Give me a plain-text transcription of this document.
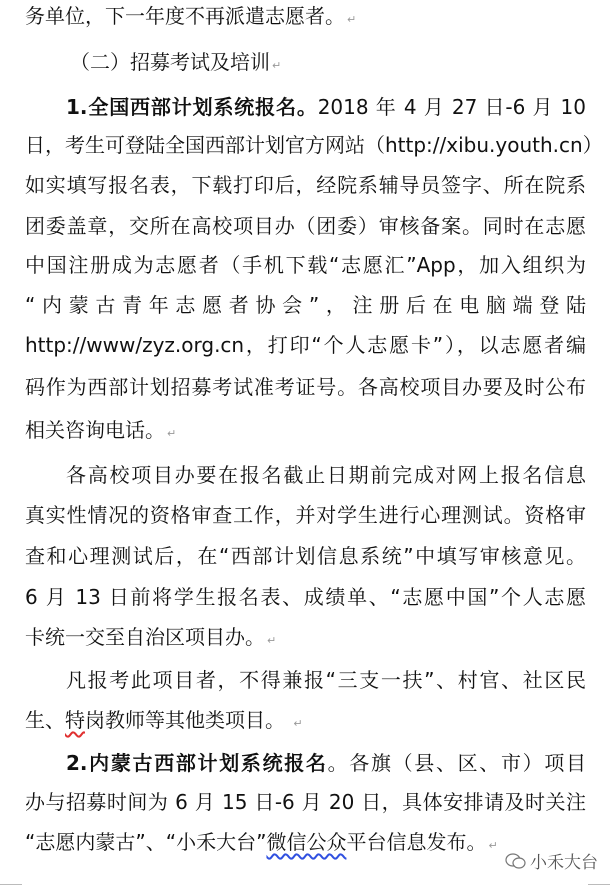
务单位，下一年度不再派遣志愿者。 ↵
（二）招募考试及培训 ↵
1.全国西部计划系统报名。2018 年 4 月 27 日-6 月 10
日，考生可登陆全国西部计划官方网站（http://xibu.youth.cn）
如实填写报名表，下载打印后，经院系辅导员签字、所在院系
团委盖章，交所在高校项目办（团委）审核备案。同时在志愿
中国注册成为志愿者（手机下载“志愿汇”App，加入组织为
“内蒙古青年志愿者协会”，注册后在电脑端登陆
http://www/zyz.org.cn，打印“个人志愿卡”），以志愿者编
码作为西部计划招募考试准考证号。各高校项目办要及时公布
相关咨询电话。 ↵
各高校项目办要在报名截止日期前完成对网上报名信息
真实性情况的资格审查工作，并对学生进行心理测试。资格审
查和心理测试后，在“西部计划信息系统”中填写审核意见。
6 月 13 日前将学生报名表、成绩单、“志愿中国”个人志愿
卡统一交至自治区项目办。 ↵
凡报考此项目者，不得兼报“三支一扶”、村官、社区民
生、特岗教师等其他类项目。 ↵
2.内蒙古西部计划系统报名。各旗（县、区、市）项目
办与招募时间为 6 月 15 日-6 月 20 日，具体安排请及时关注
“志愿内蒙古”、“小禾大台”微信公众平台信息发布。 ↵
小禾大台
